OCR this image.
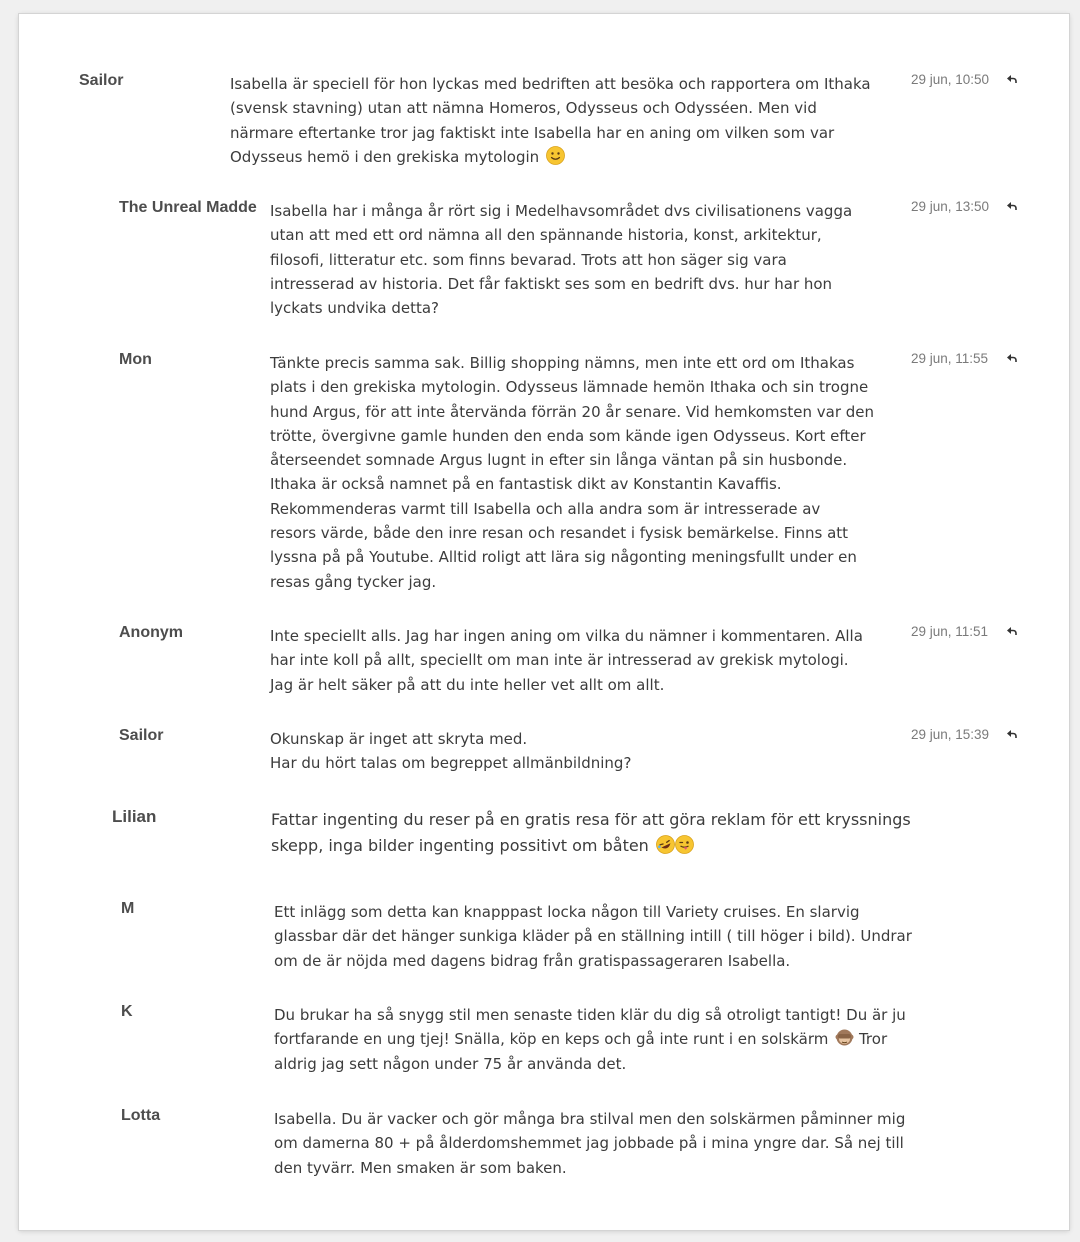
Sailor	Isabella är speciell för hon lyckas med bedriften att besöka och rapportera om Ithaka

(svensk stavning) utan att nämna Homeros, Odysseus och Odysséen. Men vid

närmare eftertanke tror jag faktiskt inte Isabella har en aning om vilken som var

Odysseus hemö i den grekiska mytologin

29 jun, 10:50
The Unreal Madde Isabella har i många år rört sig i Medelhavsområdet dvs civilisationens vagga

utan att med ett ord nämna all den spännande historia, konst, arkitektur,

filosofi, litteratur etc. som finns bevarad. Trots att hon säger sig vara

intresserad av historia. Det får faktiskt ses som en bedrift dvs. hur har hon

lyckats undvika detta?

29 jun, 13:50
Mon	Tänkte precis samma sak. Billig shopping nämns, men inte ett ord om Ithakas

plats i den grekiska mytologin. Odysseus lämnade hemön Ithaka och sin trogne

hund Argus, för att inte återvända förrän 20 år senare. Vid hemkomsten var den

trötte, övergivne gamle hunden den enda som kände igen Odysseus. Kort efter

återseendet somnade Argus lugnt in efter sin långa väntan på sin husbonde.

Ithaka är också namnet på en fantastisk dikt av Konstantin Kavaffis.

Rekommenderas varmt till Isabella och alla andra som är intresserade av

resors värde, både den inre resan och resandet i fysisk bemärkelse. Finns att

lyssna på på Youtube. Alltid roligt att lära sig någonting meningsfullt under en

resas gång tycker jag.

29 jun, 11:55
Anonym	Inte speciellt alls. Jag har ingen aning om vilka du nämner i kommentaren. Alla

har inte koll på allt, speciellt om man inte är intresserad av grekisk mytologi.

Jag är helt säker på att du inte heller vet allt om allt.

29 jun, 11:51
Sailor	Okunskap är inget att skryta med.

Har du hört talas om begreppet allmänbildning?

29 jun, 15:39
Lilian	Fattar ingenting du reser på en gratis resa för att göra reklam för ett kryssnings

skepp, inga bilder ingenting possitivt om båten

M	Ett inlägg som detta kan knapppast locka någon till Variety cruises. En slarvig

glassbar där det hänger sunkiga kläder på en ställning intill ( till höger i bild). Undrar

om de är nöjda med dagens bidrag från gratispassageraren Isabella.

K	Du brukar ha så snygg stil men senaste tiden klär du dig så otroligt tantigt! Du är ju

fortfarande en ung tjej! Snälla, köp en keps och gå inte runt i en solskärm Tror

aldrig jag sett någon under 75 år använda det.

Lotta	Isabella. Du är vacker och gör många bra stilval men den solskärmen påminner mig

om damerna 80 + på ålderdomshemmet jag jobbade på i mina yngre dar. Så nej till

den tyvärr. Men smaken är som baken.
